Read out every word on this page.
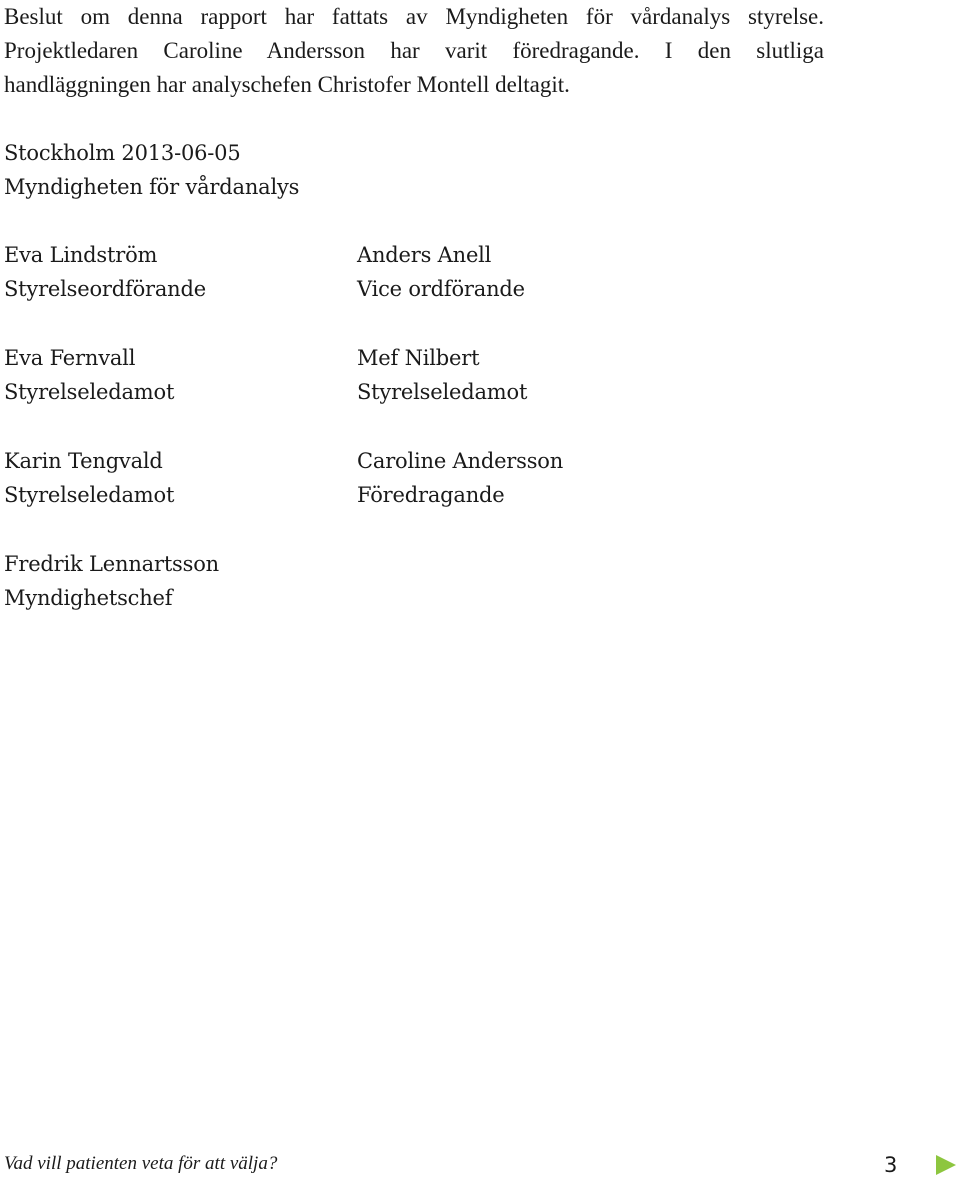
Beslut om denna rapport har fattats av Myndigheten för vårdanalys styrelse.
Projektledaren Caroline Andersson har varit föredragande. I den slutliga
handläggningen har analyschefen Christofer Montell deltagit.

Stockholm 2013-06-05
Myndigheten för vårdanalys
Eva Lindström
Styrelseordförande
Anders Anell
Vice ordförande
Eva Fernvall
Styrelseledamot
Mef Nilbert
Styrelseledamot
Karin Tengvald
Styrelseledamot
Caroline Andersson
Föredragande
Fredrik Lennartsson
Myndighetschef
Vad vill patienten veta för att välja?	3
